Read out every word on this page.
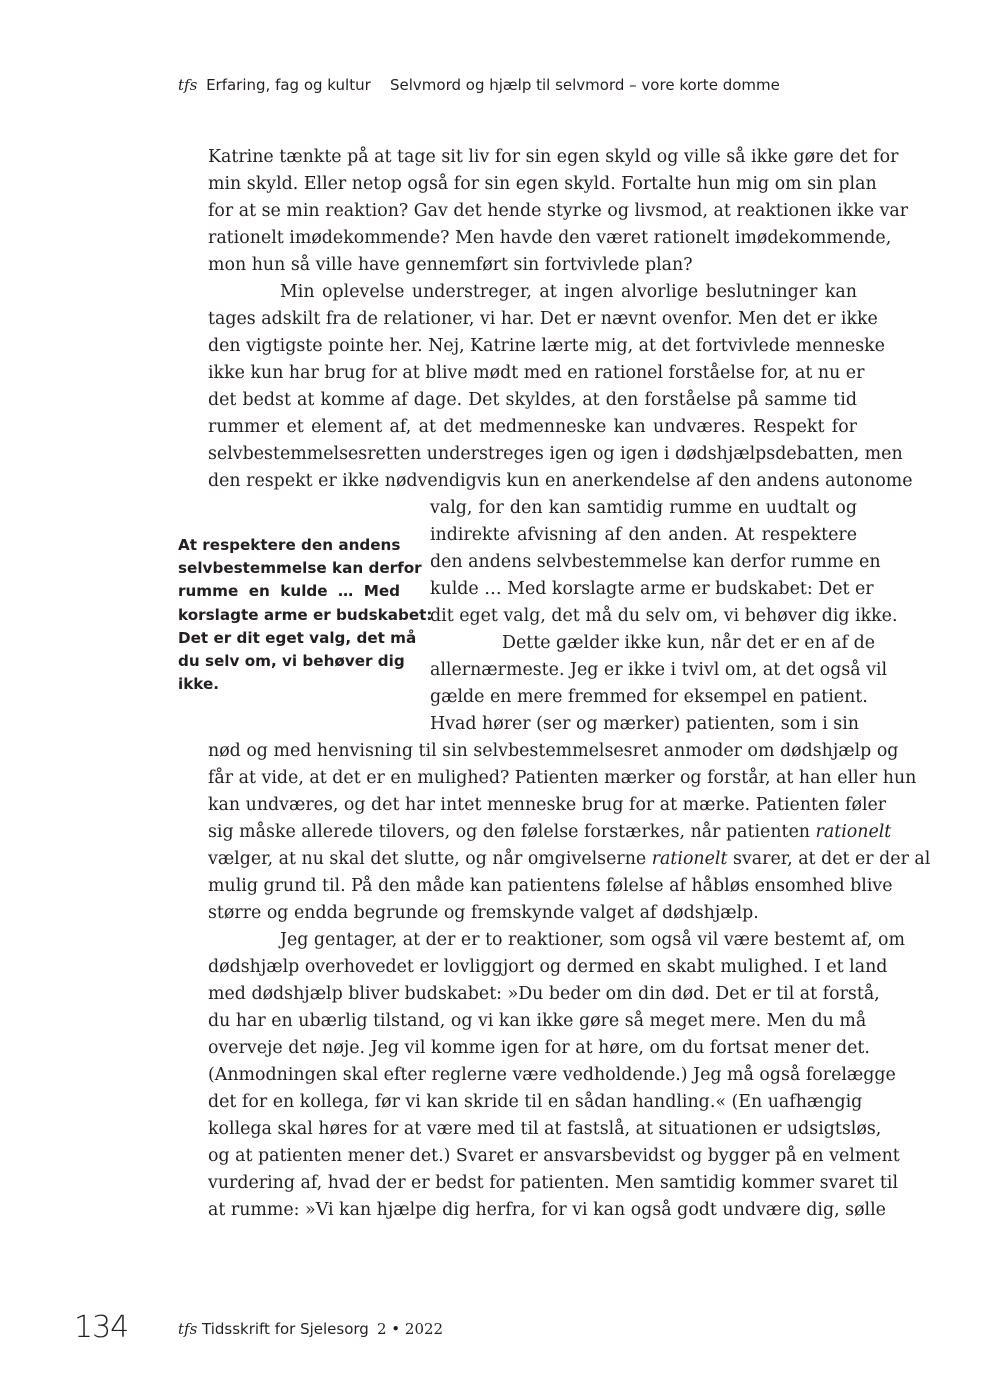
tfs Erfaring, fag og kultur Selvmord og hjælp til selvmord – vore korte domme
Katrine tænkte på at tage sit liv for sin egen skyld og ville så ikke gøre det for
min skyld. Eller netop også for sin egen skyld. Fortalte hun mig om sin plan
for at se min reaktion? Gav det hende styrke og livsmod, at reaktionen ikke var
rationelt imødekommende? Men havde den været rationelt imødekommende,
mon hun så ville have gennemført sin fortvivlede plan?
Min oplevelse understreger, at ingen alvorlige beslutninger kan
tages adskilt fra de relationer, vi har. Det er nævnt ovenfor. Men det er ikke
den vigtigste pointe her. Nej, Katrine lærte mig, at det fortvivlede menneske
ikke kun har brug for at blive mødt med en rationel forståelse for, at nu er
det bedst at komme af dage. Det skyldes, at den forståelse på samme tid
rummer et element af, at det medmenneske kan undværes. Respekt for
selvbestemmelsesretten understreges igen og igen i dødshjælpsdebatten, men
den respekt er ikke nødvendigvis kun en anerkendelse af den andens autonome
valg, for den kan samtidig rumme en uudtalt og
indirekte afvisning af den anden. At respektere
den andens selvbestemmelse kan derfor rumme en
kulde … Med korslagte arme er budskabet: Det er
dit eget valg, det må du selv om, vi behøver dig ikke.
Dette gælder ikke kun, når det er en af de
allernærmeste. Jeg er ikke i tvivl om, at det også vil
gælde en mere fremmed for eksempel en patient.
Hvad hører (ser og mærker) patienten, som i sin
nød og med henvisning til sin selvbestemmelsesret anmoder om dødshjælp og
får at vide, at det er en mulighed? Patienten mærker og forstår, at han eller hun
kan undværes, og det har intet menneske brug for at mærke. Patienten føler
sig måske allerede tilovers, og den følelse forstærkes, når patienten rationelt
vælger, at nu skal det slutte, og når omgivelserne rationelt svarer, at det er der al
mulig grund til. På den måde kan patientens følelse af håbløs ensomhed blive
større og endda begrunde og fremskynde valget af dødshjælp.
Jeg gentager, at der er to reaktioner, som også vil være bestemt af, om
dødshjælp overhovedet er lovliggjort og dermed en skabt mulighed. I et land
med dødshjælp bliver budskabet: »Du beder om din død. Det er til at forstå,
du har en ubærlig tilstand, og vi kan ikke gøre så meget mere. Men du må
overveje det nøje. Jeg vil komme igen for at høre, om du fortsat mener det.
(Anmodningen skal efter reglerne være vedholdende.) Jeg må også forelægge
det for en kollega, før vi kan skride til en sådan handling.« (En uafhængig
kollega skal høres for at være med til at fastslå, at situationen er udsigtsløs,
og at patienten mener det.) Svaret er ansvarsbevidst og bygger på en velment
vurdering af, hvad der er bedst for patienten. Men samtidig kommer svaret til
at rumme: »Vi kan hjælpe dig herfra, for vi kan også godt undvære dig, sølle
At respektere den andens
selvbestemmelse kan derfor
rumme en kulde … Med
korslagte arme er budskabet:
Det er dit eget valg, det må
du selv om, vi behøver dig
ikke.
134	tfs Tidsskrift for Sjelesorg 2 • 2022
